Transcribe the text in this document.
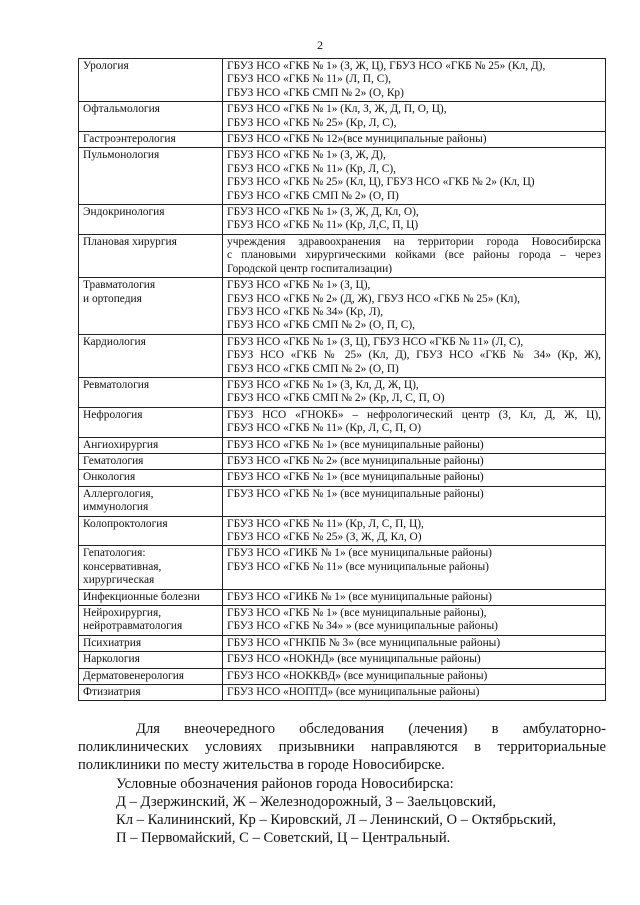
2
Урология	ГБУЗ НСО «ГКБ № 1» (З, Ж, Ц), ГБУЗ НСО «ГКБ № 25» (Кл, Д),
ГБУЗ НСО «ГКБ № 11» (Л, П, С),
ГБУЗ НСО «ГКБ СМП № 2» (О, Кр)

Офтальмология	ГБУЗ НСО «ГКБ № 1» (Кл, З, Ж, Д, П, О, Ц),
ГБУЗ НСО «ГКБ № 25» (Кр, Л, С),

Гастроэнтерология	ГБУЗ НСО «ГКБ № 12»(все муниципальные районы)

Пульмонология	ГБУЗ НСО «ГКБ № 1» (З, Ж, Д),
ГБУЗ НСО «ГКБ № 11» (Кр, Л, С),
ГБУЗ НСО «ГКБ № 25» (Кл, Ц), ГБУЗ НСО «ГКБ № 2» (Кл, Ц)
ГБУЗ НСО «ГКБ СМП № 2» (О, П)

Эндокринология	ГБУЗ НСО «ГКБ № 1» (З, Ж, Д, Кл, О),
ГБУЗ НСО «ГКБ № 11» (Кр, Л,С, П, Ц)

Плановая хирургия	учреждения здравоохранения на территории города Новосибирска
с плановыми хирургическими койками (все районы города – через
Городской центр госпитализации)

Травматология
и ортопедия	ГБУЗ НСО «ГКБ № 1» (З, Ц),
ГБУЗ НСО «ГКБ № 2» (Д, Ж), ГБУЗ НСО «ГКБ № 25» (Кл),
ГБУЗ НСО «ГКБ № 34» (Кр, Л),
ГБУЗ НСО «ГКБ СМП № 2» (О, П, С),

Кардиология	ГБУЗ НСО «ГКБ № 1» (З, Ц), ГБУЗ НСО «ГКБ № 11» (Л, С),
ГБУЗ НСО «ГКБ № 25» (Кл, Д), ГБУЗ НСО «ГКБ № 34» (Кр, Ж),
ГБУЗ НСО «ГКБ СМП № 2» (О, П)

Ревматология	ГБУЗ НСО «ГКБ № 1» (З, Кл, Д, Ж, Ц),
ГБУЗ НСО «ГКБ СМП № 2» (Кр, Л, С, П, О)

Нефрология	ГБУЗ НСО «ГНОКБ» – нефрологический центр (З, Кл, Д, Ж, Ц),
ГБУЗ НСО «ГКБ № 11» (Кр, Л, С, П, О)

Ангиохирургия	ГБУЗ НСО «ГКБ № 1» (все муниципальные районы)

Гематология	ГБУЗ НСО «ГКБ № 2» (все муниципальные районы)

Онкология	ГБУЗ НСО «ГКБ № 1» (все муниципальные районы)

Аллергология,
иммунология	ГБУЗ НСО «ГКБ № 1» (все муниципальные районы)

Колопроктология	ГБУЗ НСО «ГКБ № 11» (Кр, Л, С, П, Ц),
ГБУЗ НСО «ГКБ № 25» (З, Ж, Д, Кл, О)

Гепатология:
консервативная,
хирургическая	ГБУЗ НСО «ГИКБ № 1» (все муниципальные районы)
ГБУЗ НСО «ГКБ № 11» (все муниципальные районы)

Инфекционные болезни	ГБУЗ НСО «ГИКБ № 1» (все муниципальные районы)

Нейрохирургия,
нейротравматология	ГБУЗ НСО «ГКБ № 1» (все муниципальные районы),
ГБУЗ НСО «ГКБ № 34» » (все муниципальные районы)

Психиатрия	ГБУЗ НСО «ГНКПБ № 3» (все муниципальные районы)

Наркология	ГБУЗ НСО «НОКНД» (все муниципальные районы)

Дерматовенерология	ГБУЗ НСО «НОККВД» (все муниципальные районы)

Фтизиатрия	ГБУЗ НСО «НОПТД» (все муниципальные районы)

Для внеочередного обследования (лечения) в амбулаторно-
поликлинических условиях призывники направляются в территориальные поликлиники по месту жительства в городе Новосибирске.

Условные обозначения районов города Новосибирска:

Д – Дзержинский, Ж – Железнодорожный, З – Заельцовский,

Кл – Калининский, Кр – Кировский, Л – Ленинский, О – Октябрьский,

П – Первомайский, С – Советский, Ц – Центральный.
